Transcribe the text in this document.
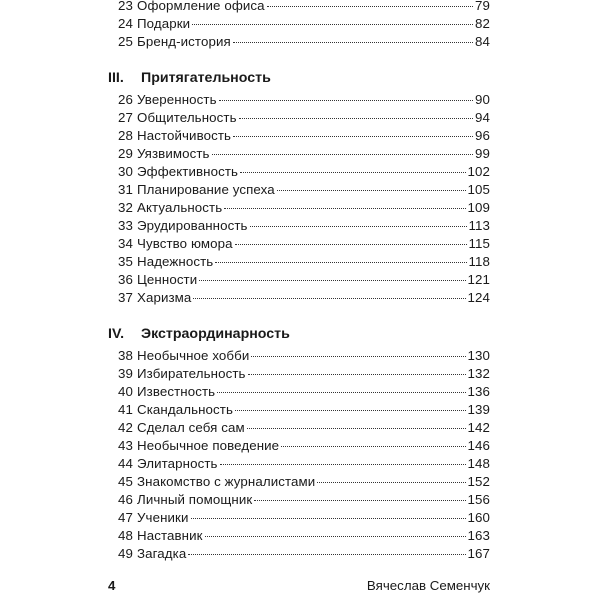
23 Оформление офиса	79
24 Подарки	82
25 Бренд-история	84
III.	Притягательность
26 Уверенность	90
27 Общительность	94
28 Настойчивость	96
29 Уязвимость	99
30 Эффективность	102
31 Планирование успеха	105
32 Актуальность	109
33 Эрудированность	113
34 Чувство юмора	115
35 Надежность	118
36 Ценности	121
37 Харизма	124
IV.	Экстраординарность
38 Необычное хобби	130
39 Избирательность	132
40 Известность	136
41 Скандальность	139
42 Сделал себя сам	142
43 Необычное поведение	146
44 Элитарность	148
45 Знакомство с журналистами	152
46 Личный помощник	156
47 Ученики	160
48 Наставник	163
49 Загадка	167
4	Вячеслав Семенчук
